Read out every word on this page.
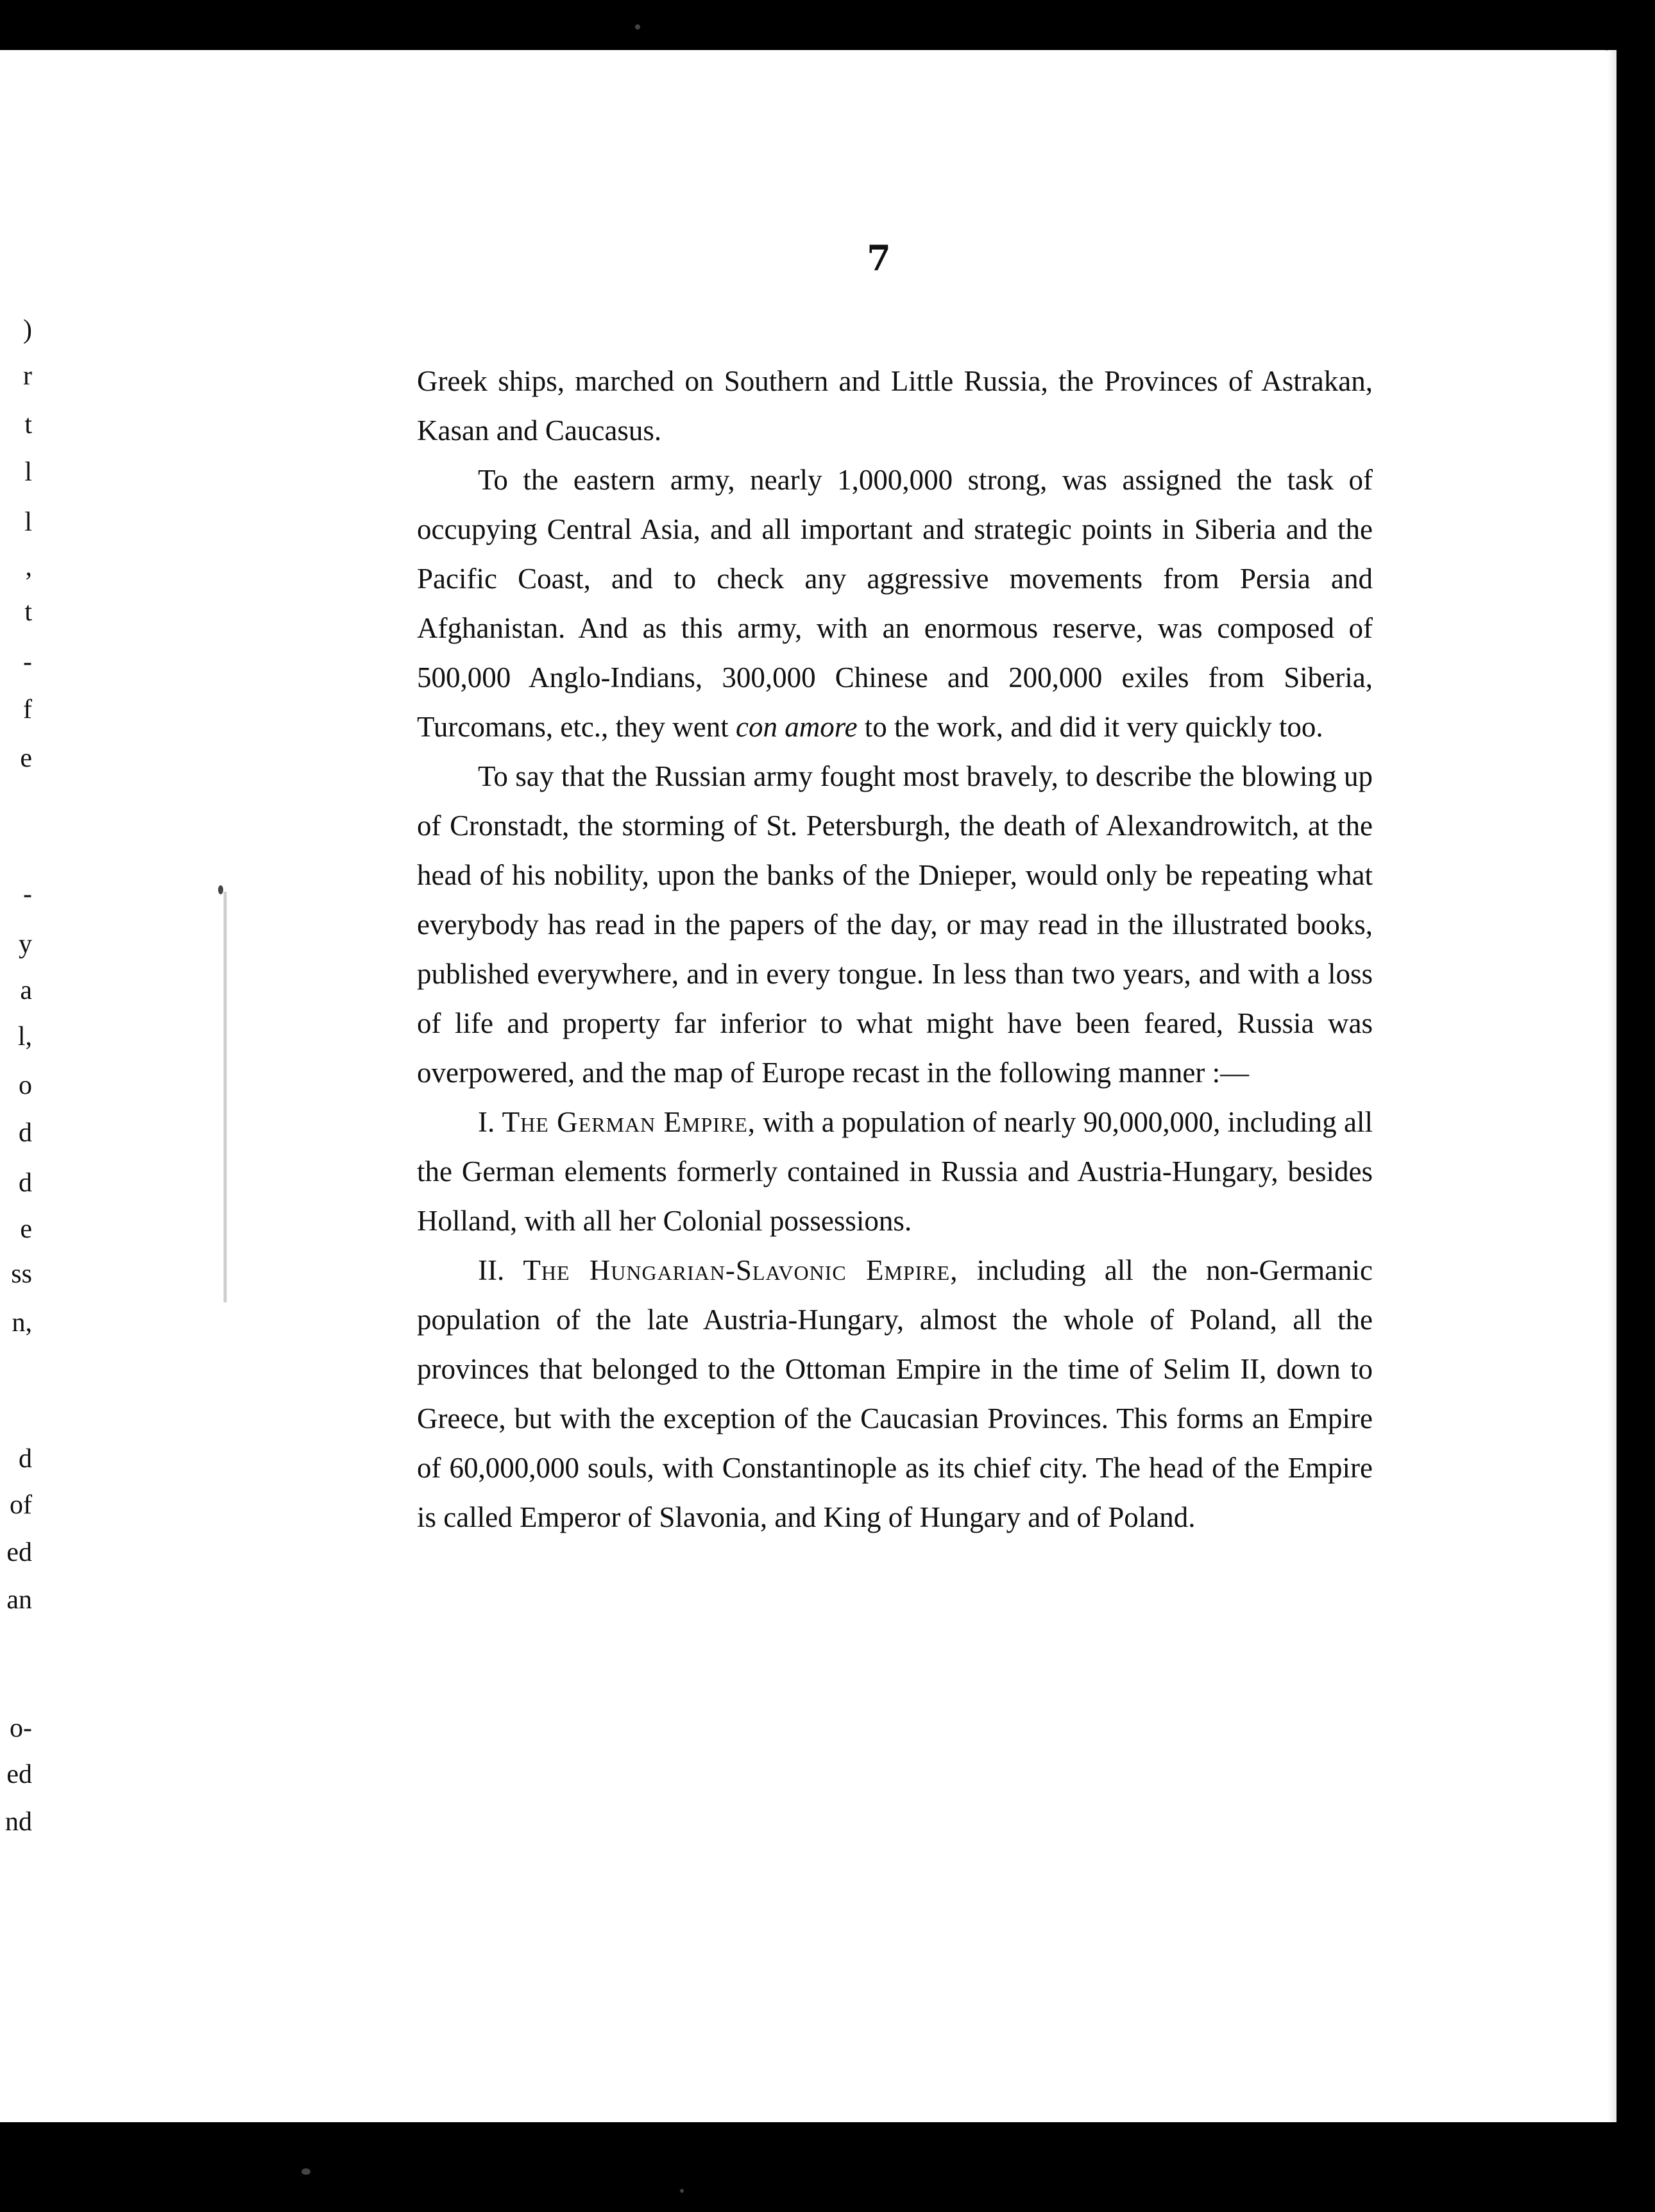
7

Greek ships, marched on Southern and Little Russia, the Provinces of Astrakan, Kasan and Caucasus.

To the eastern army, nearly 1,000,000 strong, was assigned the task of occupying Central Asia, and all important and strategic points in Siberia and the Pacific Coast, and to check any aggressive movements from Persia and Afghanistan. And as this army, with an enormous reserve, was composed of 500,000 Anglo-Indians, 300,000 Chinese and 200,000 exiles from Siberia, Turcomans, etc., they went con amore to the work, and did it very quickly too.

To say that the Russian army fought most bravely, to describe the blowing up of Cronstadt, the storming of St. Petersburgh, the death of Alexandrowitch, at the head of his nobility, upon the banks of the Dnieper, would only be repeating what everybody has read in the papers of the day, or may read in the illustrated books, published everywhere, and in every tongue. In less than two years, and with a loss of life and property far inferior to what might have been feared, Russia was overpowered, and the map of Europe recast in the following manner :—

I. The German Empire, with a population of nearly 90,000,000, including all the German elements formerly contained in Russia and Austria-Hungary, besides Holland, with all her Colonial possessions.

II. The Hungarian-Slavonic Empire, including all the non-Germanic population of the late Austria-Hungary, almost the whole of Poland, all the provinces that belonged to the Ottoman Empire in the time of Selim II, down to Greece, but with the exception of the Caucasian Provinces. This forms an Empire of 60,000,000 souls, with Constantinople as its chief city. The head of the Empire is called Emperor of Slavonia, and King of Hungary and of Poland.

)
r
t
l
l
,
t
-
f
e
-
y
a
l,
o
d
d
e
ss
n,
d
of
ed
an
o-
ed
nd
